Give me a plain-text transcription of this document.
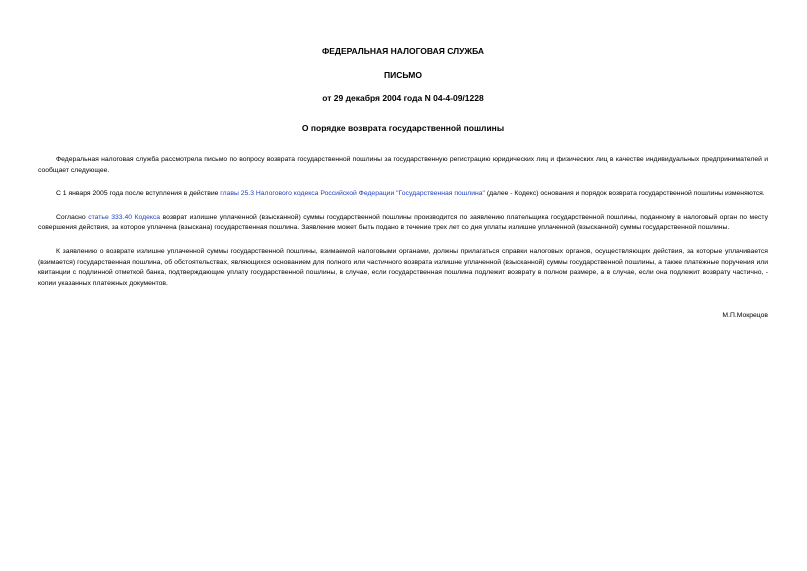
ФЕДЕРАЛЬНАЯ НАЛОГОВАЯ СЛУЖБА

ПИСЬМО

от 29 декабря 2004 года N 04-4-09/1228

О порядке возврата государственной пошлины

Федеральная налоговая служба рассмотрела письмо по вопросу возврата государственной пошлины за государственную регистрацию юридических лиц и физических лиц в качестве индивидуальных предпринимателей и сообщает следующее.

С 1 января 2005 года после вступления в действие главы 25.3 Налогового кодекса Российской Федерации "Государственная пошлина" (далее - Кодекс) основания и порядок возврата государственной пошлины изменяются.

Согласно статье 333.40 Кодекса возврат излишне уплаченной (взысканной) суммы государственной пошлины производится по заявлению плательщика государственной пошлины, поданному в налоговый орган по месту совершения действия, за которое уплачена (взыскана) государственная пошлина. Заявление может быть подано в течение трех лет со дня уплаты излишне уплаченной (взысканной) суммы государственной пошлины.

К заявлению о возврате излишне уплаченной суммы государственной пошлины, взимаемой налоговыми органами, должны прилагаться справки налоговых органов, осуществляющих действия, за которые уплачивается (взимается) государственная пошлина, об обстоятельствах, являющихся основанием для полного или частичного возврата излишне уплаченной (взысканной) суммы государственной пошлины, а также платежные поручения или квитанции с подлинной отметкой банка, подтверждающие уплату государственной пошлины, в случае, если государственная пошлина подлежит возврату в полном размере, а в случае, если она подлежит возврату частично, - копии указанных платежных документов.

М.П.Мокрецов
